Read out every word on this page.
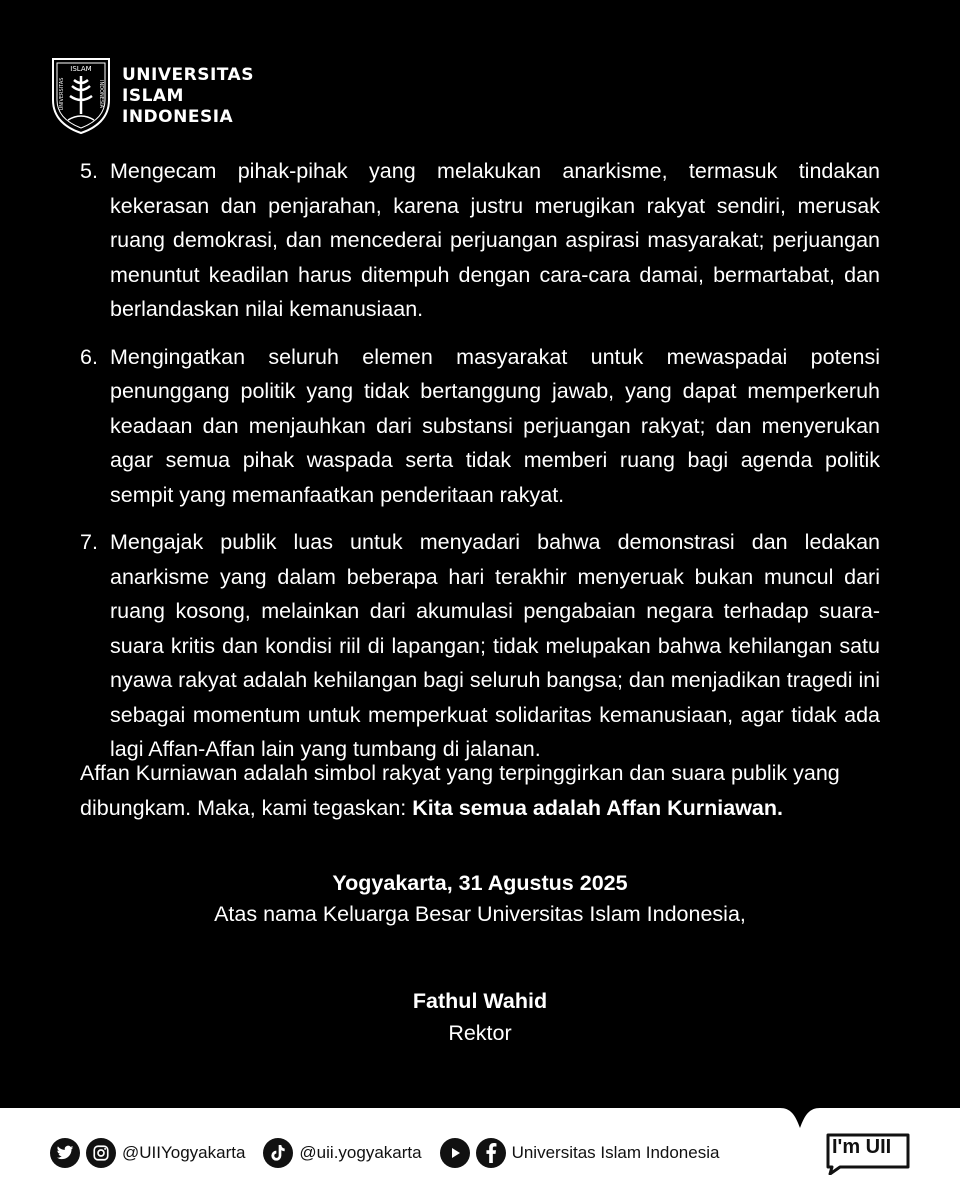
ISLAM
UNIVERSITAS	INDONESIA
UNIVERSITAS
ISLAM
INDONESIA
5. Mengecam pihak-pihak yang melakukan anarkisme, termasuk tindakan kekerasan dan penjarahan, karena justru merugikan rakyat sendiri, merusak ruang demokrasi, dan mencederai perjuangan aspirasi masyarakat; perjuangan menuntut keadilan harus ditempuh dengan cara-cara damai, bermartabat, dan berlandaskan nilai kemanusiaan.
6. Mengingatkan seluruh elemen masyarakat untuk mewaspadai potensi penunggang politik yang tidak bertanggung jawab, yang dapat memperkeruh keadaan dan menjauhkan dari substansi perjuangan rakyat; dan menyerukan agar semua pihak waspada serta tidak memberi ruang bagi agenda politik sempit yang memanfaatkan penderitaan rakyat.
7. Mengajak publik luas untuk menyadari bahwa demonstrasi dan ledakan anarkisme yang dalam beberapa hari terakhir menyeruak bukan muncul dari ruang kosong, melainkan dari akumulasi pengabaian negara terhadap suara-suara kritis dan kondisi riil di lapangan; tidak melupakan bahwa kehilangan satu nyawa rakyat adalah kehilangan bagi seluruh bangsa; dan menjadikan tragedi ini sebagai momentum untuk memperkuat solidaritas kemanusiaan, agar tidak ada lagi Affan-Affan lain yang tumbang di jalanan.
Affan Kurniawan adalah simbol rakyat yang terpinggirkan dan suara publik yang dibungkam. Maka, kami tegaskan: Kita semua adalah Affan Kurniawan.
Yogyakarta, 31 Agustus 2025
Atas nama Keluarga Besar Universitas Islam Indonesia,
Fathul Wahid
Rektor
@UIIYogyakarta	@uii.yogyakarta	Universitas Islam Indonesia	I'm UII
